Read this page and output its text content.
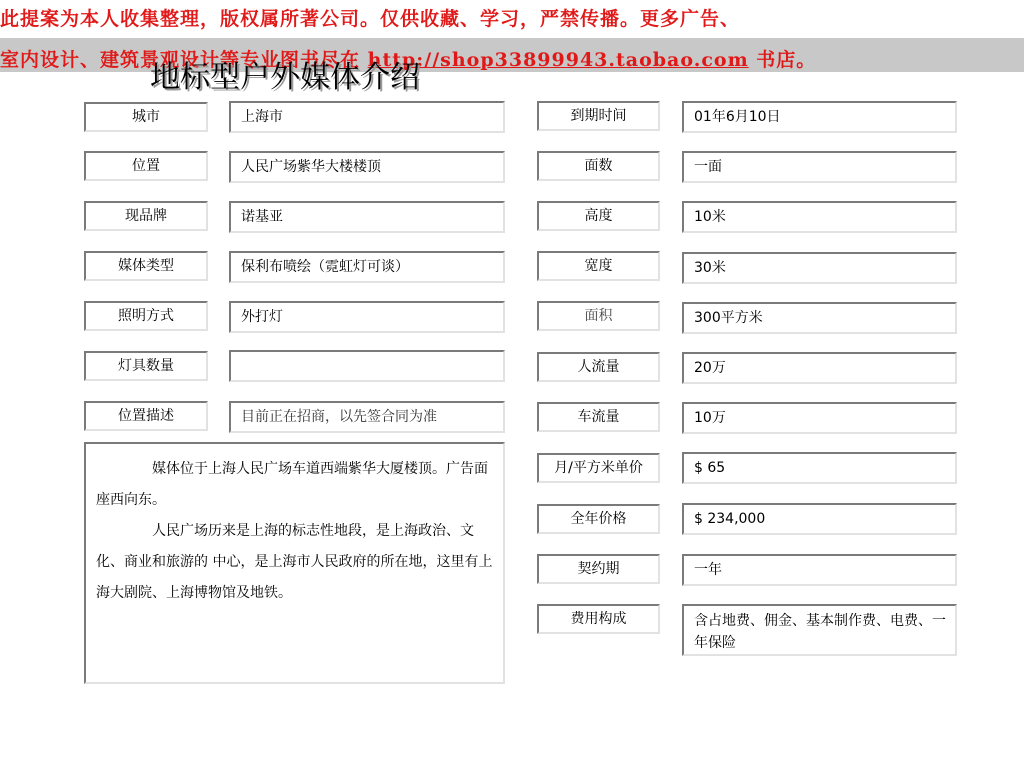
此提案为本人收集整理，版权属所著公司。仅供收藏、学习，严禁传播。更多广告、
室内设计、建筑景观设计等专业图书尽在 http://shop33899943.taobao.com 书店。
地标型户外媒体介绍
城市	上海市
位置	人民广场紫华大楼楼顶
现品牌	诺基亚
媒体类型	保利布喷绘（霓虹灯可谈）
照明方式	外打灯
灯具数量
位置描述	目前正在招商，以先签合同为准

媒体位于上海人民广场车道西端紫华大厦楼顶。广告面座西向东。

人民广场历来是上海的标志性地段，是上海政治、文化、商业和旅游的 中心，是上海市人民政府的所在地，这里有上海大剧院、上海博物馆及地铁。

到期时间	01年6月10日
面数	一面
高度	10米
宽度	30米
面积	300平方米
人流量	20万
车流量	10万
月/平方米单价	$ 65
全年价格	$ 234,000
契约期	一年
费用构成	含占地费、佣金、基本制作费、电费、一年保险
